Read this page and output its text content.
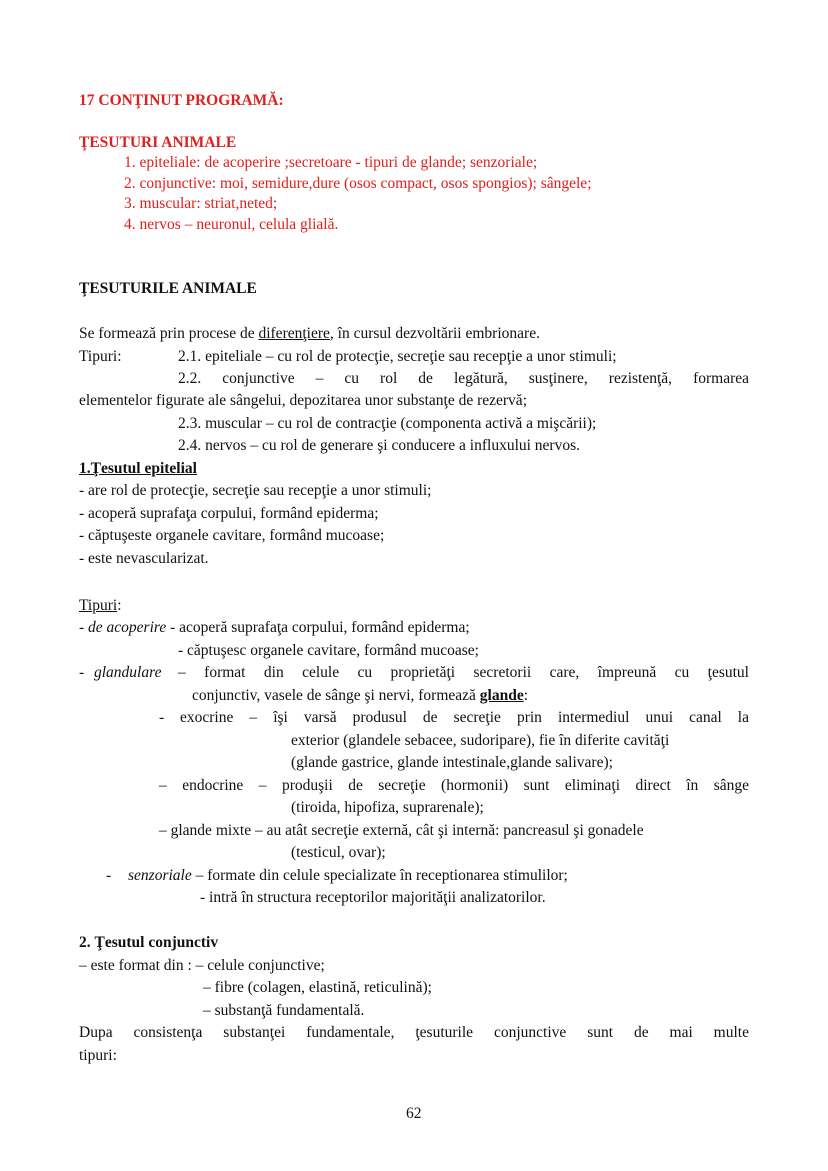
17 CONŢINUT PROGRAMĂ:
ŢESUTURI ANIMALE
1. epiteliale: de acoperire ;secretoare - tipuri de glande; senzoriale;
2. conjunctive: moi, semidure,dure (osos compact, osos spongios); sângele;
3. muscular: striat,neted;
4. nervos – neuronul, celula glială.
ŢESUTURILE ANIMALE
Se formează prin procese de diferenţiere, în cursul dezvoltării embrionare.
Tipuri:	2.1. epiteliale – cu rol de protecţie, secreţie sau recepţie a unor stimuli;
2.2. conjunctive – cu rol de legătură, susţinere, rezistenţă, formarea
elementelor figurate ale sângelui, depozitarea unor substanţe de rezervă;
2.3. muscular – cu rol de contracţie (componenta activă a mişcării);
2.4. nervos – cu rol de generare şi conducere a influxului nervos.
1.Ţesutul epitelial
- are rol de protecţie, secreţie sau recepţie a unor stimuli;
- acoperă suprafaţa corpului, formând epiderma;
- căptuşeste organele cavitare, formând mucoase;
- este nevascularizat.
Tipuri:
- de acoperire - acoperă suprafaţa corpului, formând epiderma;
- căptuşesc organele cavitare, formând mucoase;
- glandulare – format din celule cu proprietăţi secretorii care, împreună cu ţesutul
conjunctiv, vasele de sânge şi nervi, formează glande:
- exocrine – îşi varsă produsul de secreţie prin intermediul unui canal la
exterior (glandele sebacee, sudoripare), fie în diferite cavităţi
(glande gastrice, glande intestinale,glande salivare);
– endocrine – produşii de secreţie (hormonii) sunt eliminaţi direct în sânge
(tiroida, hipofiza, suprarenale);
– glande mixte – au atât secreţie externă, cât şi internă: pancreasul şi gonadele
(testicul, ovar);
- senzoriale – formate din celule specializate în receptionarea stimulilor;
- intră în structura receptorilor majorităţii analizatorilor.
2. Ţesutul conjunctiv
– este format din : – celule conjunctive;
– fibre (colagen, elastină, reticulină);
– substanţă fundamentală.
Dupa consistenţa substanţei fundamentale, ţesuturile conjunctive sunt de mai multe
tipuri:
62
